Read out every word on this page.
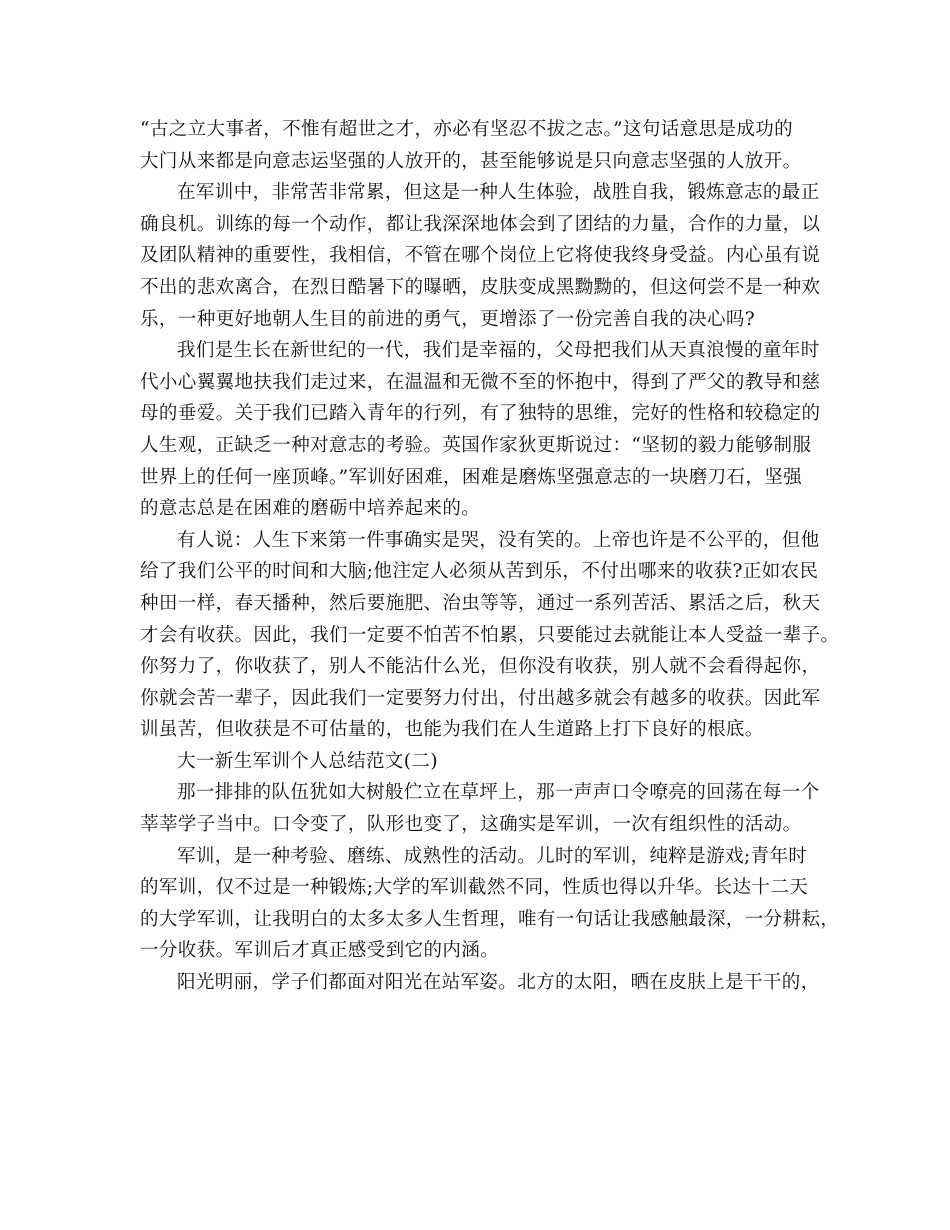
“古之立大事者，不惟有超世之才，亦必有坚忍不拔之志。”这句话意思是成功的
大门从来都是向意志运坚强的人放开的，甚至能够说是只向意志坚强的人放开。
在军训中，非常苦非常累，但这是一种人生体验，战胜自我，锻炼意志的最正
确良机。训练的每一个动作，都让我深深地体会到了团结的力量，合作的力量，以
及团队精神的重要性，我相信，不管在哪个岗位上它将使我终身受益。内心虽有说
不出的悲欢离合，在烈日酷暑下的曝晒，皮肤变成黑黝黝的，但这何尝不是一种欢
乐，一种更好地朝人生目的前进的勇气，更增添了一份完善自我的决心吗?
我们是生长在新世纪的一代，我们是幸福的，父母把我们从天真浪慢的童年时
代小心翼翼地扶我们走过来，在温温和无微不至的怀抱中，得到了严父的教导和慈
母的垂爱。关于我们已踏入青年的行列，有了独特的思维，完好的性格和较稳定的
人生观，正缺乏一种对意志的考验。英国作家狄更斯说过：“坚韧的毅力能够制服
世界上的任何一座顶峰。”军训好困难，困难是磨炼坚强意志的一块磨刀石，坚强
的意志总是在困难的磨砺中培养起来的。
有人说：人生下来第一件事确实是哭，没有笑的。上帝也许是不公平的，但他
给了我们公平的时间和大脑;他注定人必须从苦到乐，不付出哪来的收获?正如农民
种田一样，春天播种，然后要施肥、治虫等等，通过一系列苦活、累活之后，秋天
才会有收获。因此，我们一定要不怕苦不怕累，只要能过去就能让本人受益一辈子。
你努力了，你收获了，别人不能沾什么光，但你没有收获，别人就不会看得起你，
你就会苦一辈子，因此我们一定要努力付出，付出越多就会有越多的收获。因此军
训虽苦，但收获是不可估量的，也能为我们在人生道路上打下良好的根底。
大一新生军训个人总结范文(二)
那一排排的队伍犹如大树般伫立在草坪上，那一声声口令嘹亮的回荡在每一个
莘莘学子当中。口令变了，队形也变了，这确实是军训，一次有组织性的活动。
军训，是一种考验、磨练、成熟性的活动。儿时的军训，纯粹是游戏;青年时
的军训，仅不过是一种锻炼;大学的军训截然不同，性质也得以升华。长达十二天
的大学军训，让我明白的太多太多人生哲理，唯有一句话让我感触最深，一分耕耘，
一分收获。军训后才真正感受到它的内涵。
阳光明丽，学子们都面对阳光在站军姿。北方的太阳，晒在皮肤上是干干的，
